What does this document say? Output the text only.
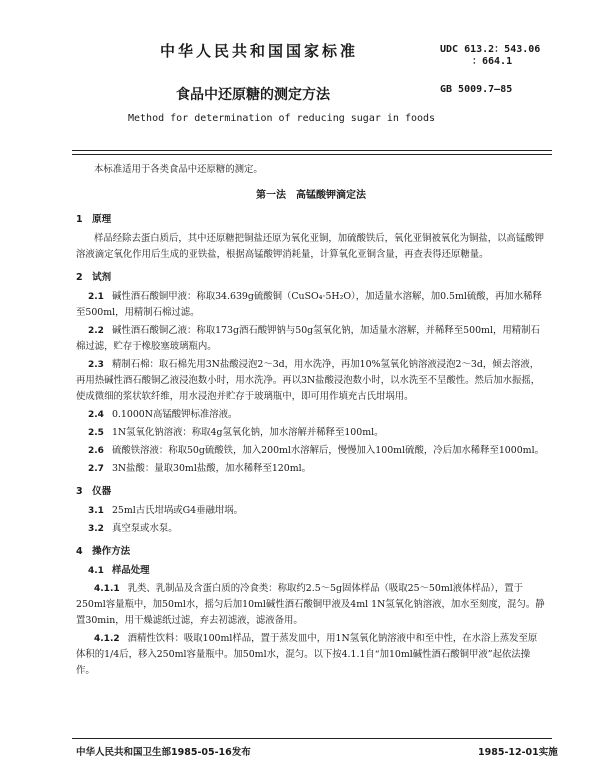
中华人民共和国国家标准	UDC 613.2：543.06
：664.1
食品中还原糖的测定方法	GB 5009.7—85
Method for determination of reducing sugar in foods

本标准适用于各类食品中还原糖的测定。

第一法　高锰酸钾滴定法
1　原理

样品经除去蛋白质后，其中还原糖把铜盐还原为氧化亚铜，加硫酸铁后，氧化亚铜被氧化为铜盐，以高锰酸钾溶液滴定氧化作用后生成的亚铁盐，根据高锰酸钾消耗量，计算氧化亚铜含量，再查表得还原糖量。

2　试剂
2.1 碱性酒石酸铜甲液：称取34.639g硫酸铜（CuSO₄·5H₂O），加适量水溶解，加0.5ml硫酸，再加水稀释至500ml，用精制石棉过滤。
2.2 碱性酒石酸铜乙液：称取173g酒石酸钾钠与50g氢氧化钠，加适量水溶解，并稀释至500ml，用精制石棉过滤，贮存于橡胶塞玻璃瓶内。
2.3 精制石棉：取石棉先用3N盐酸浸泡2～3d，用水洗净，再加10%氢氧化钠溶液浸泡2～3d，倾去溶液，再用热碱性酒石酸铜乙液浸泡数小时，用水洗净。再以3N盐酸浸泡数小时，以水洗至不呈酸性。然后加水振摇，使成微细的浆状软纤维，用水浸泡并贮存于玻璃瓶中，即可用作填充古氏坩埚用。
2.4 0.1000N高锰酸钾标准溶液。
2.5 1N氢氧化钠溶液：称取4g氢氧化钠，加水溶解并稀释至100ml。
2.6 硫酸铁溶液：称取50g硫酸铁，加入200ml水溶解后，慢慢加入100ml硫酸，冷后加水稀释至1000ml。
2.7 3N盐酸：量取30ml盐酸，加水稀释至120ml。
3　仪器
3.1 25ml古氏坩埚或G4垂融坩埚。
3.2 真空泵或水泵。
4　操作方法
4.1 样品处理
4.1.1 乳类、乳制品及含蛋白质的冷食类：称取约2.5～5g固体样品（吸取25～50ml液体样品），置于250ml容量瓶中，加50ml水，摇匀后加10ml碱性酒石酸铜甲液及4ml 1N氢氧化钠溶液，加水至刻度，混匀。静置30min，用干燥滤纸过滤，弃去初滤液，滤液备用。
4.1.2 酒精性饮料：吸取100ml样品，置于蒸发皿中，用1N氢氧化钠溶液中和至中性，在水浴上蒸发至原体积的1/4后，移入250ml容量瓶中。加50ml水，混匀。以下按4.1.1自“加10ml碱性酒石酸铜甲液”起依法操作。
中华人民共和国卫生部1985-05-16发布	1985-12-01实施
